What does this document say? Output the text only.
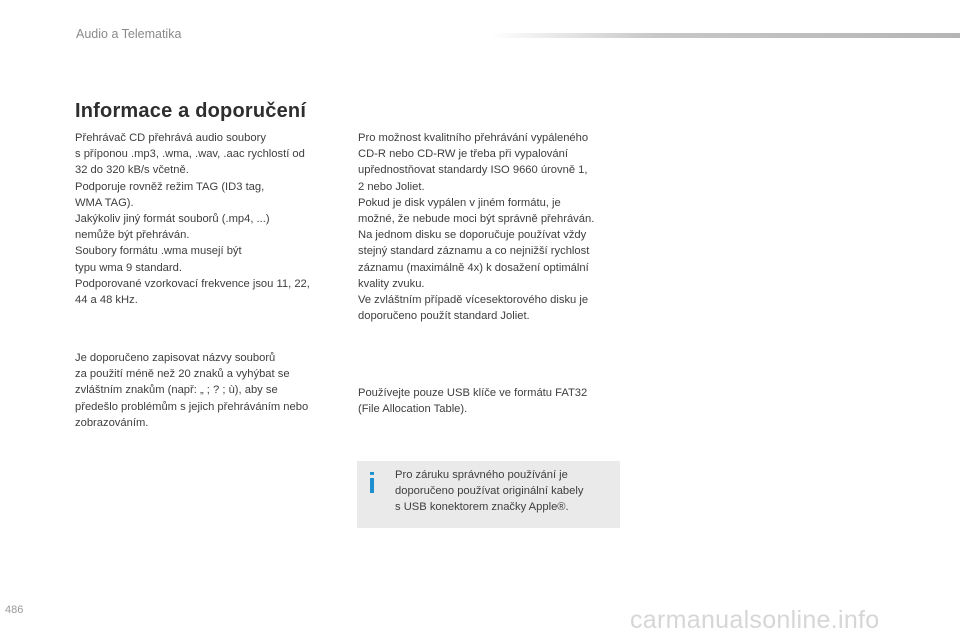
Audio a Telematika
Informace a doporučení
Přehrávač CD přehrává audio soubory
s příponou .mp3, .wma, .wav, .aac rychlostí od
32 do 320 kB/s včetně.
Podporuje rovněž režim TAG (ID3 tag,
WMA TAG).
Jakýkoliv jiný formát souborů (.mp4, ...)
nemůže být přehráván.
Soubory formátu .wma musejí být
typu wma 9 standard.
Podporované vzorkovací frekvence jsou 11, 22,
44 a 48 kHz.
Je doporučeno zapisovat názvy souborů
za použití méně než 20 znaků a vyhýbat se
zvláštním znakům (např: „ ; ? ; ù), aby se
předešlo problémům s jejich přehráváním nebo
zobrazováním.
Pro možnost kvalitního přehrávání vypáleného
CD-R nebo CD-RW je třeba při vypalování
upřednostňovat standardy ISO 9660 úrovně 1,
2 nebo Joliet.
Pokud je disk vypálen v jiném formátu, je
možné, že nebude moci být správně přehráván.
Na jednom disku se doporučuje používat vždy
stejný standard záznamu a co nejnižší rychlost
záznamu (maximálně 4x) k dosažení optimální
kvality zvuku.
Ve zvláštním případě vícesektorového disku je
doporučeno použít standard Joliet.
Používejte pouze USB klíče ve formátu FAT32
(File Allocation Table).
i Pro záruku správného používání je
doporučeno používat originální kabely
s USB konektorem značky Apple®.
486	carmanualsonline.info
